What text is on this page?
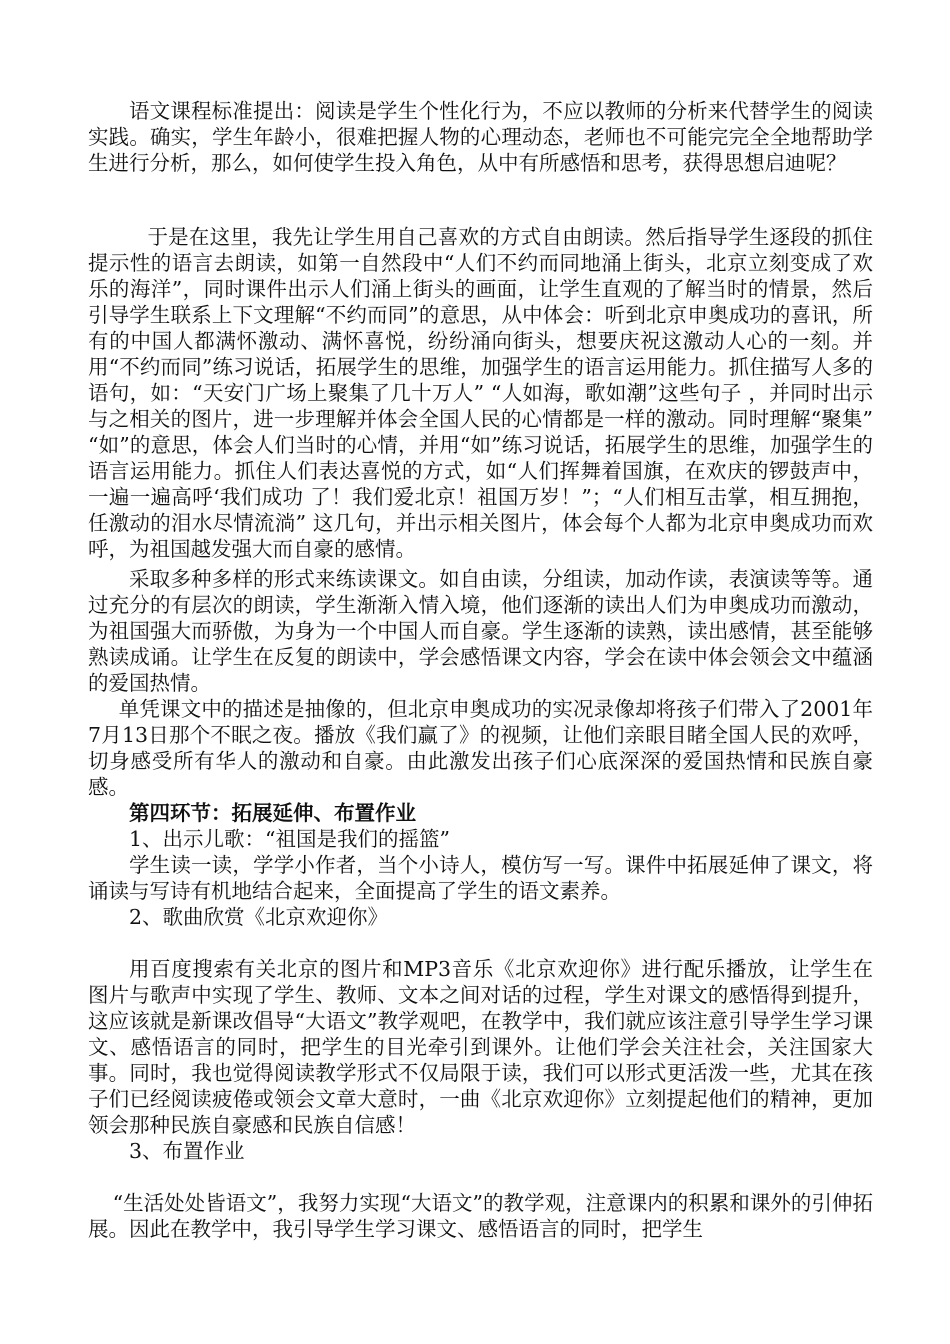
语文课程标准提出：阅读是学生个性化行为，不应以教师的分析来代替学生的阅读实践。确实，学生年龄小，很难把握人物的心理动态，老师也不可能完完全全地帮助学生进行分析，那么，如何使学生投入角色，从中有所感悟和思考，获得思想启迪呢？

于是在这里，我先让学生用自己喜欢的方式自由朗读。然后指导学生逐段的抓住提示性的语言去朗读，如第一自然段中“人们不约而同地涌上街头，北京立刻变成了欢乐的海洋”，同时课件出示人们涌上街头的画面，让学生直观的了解当时的情景，然后引导学生联系上下文理解“不约而同”的意思，从中体会：听到北京申奥成功的喜讯，所有的中国人都满怀激动、满怀喜悦，纷纷涌向街头，想要庆祝这激动人心的一刻。并用“不约而同”练习说话，拓展学生的思维，加强学生的语言运用能力。抓住描写人多的语句，如：“天安门广场上聚集了几十万人” “人如海，歌如潮”这些句子 ，并同时出示与之相关的图片，进一步理解并体会全国人民的心情都是一样的激动。同时理解“聚集” “如”的意思，体会人们当时的心情，并用“如”练习说话，拓展学生的思维，加强学生的语言运用能力。抓住人们表达喜悦的方式，如“人们挥舞着国旗，在欢庆的锣鼓声中，一遍一遍高呼‘我们成功 了！我们爱北京！祖国万岁！”；“人们相互击掌，相互拥抱，任激动的泪水尽情流淌” 这几句，并出示相关图片，体会每个人都为北京申奥成功而欢呼，为祖国越发强大而自豪的感情。

采取多种多样的形式来练读课文。如自由读，分组读，加动作读，表演读等等。通过充分的有层次的朗读，学生渐渐入情入境，他们逐渐的读出人们为申奥成功而激动，为祖国强大而骄傲，为身为一个中国人而自豪。学生逐渐的读熟，读出感情，甚至能够熟读成诵。让学生在反复的朗读中，学会感悟课文内容，学会在读中体会领会文中蕴涵的爱国热情。

单凭课文中的描述是抽像的，但北京申奥成功的实况录像却将孩子们带入了2001年7月13日那个不眠之夜。播放《我们赢了》的视频，让他们亲眼目睹全国人民的欢呼，切身感受所有华人的激动和自豪。由此激发出孩子们心底深深的爱国热情和民族自豪感。

第四环节：拓展延伸、布置作业

1、出示儿歌：“祖国是我们的摇篮”

学生读一读，学学小作者，当个小诗人，模仿写一写。课件中拓展延伸了课文，将诵读与写诗有机地结合起来，全面提高了学生的语文素养。

2、歌曲欣赏《北京欢迎你》

用百度搜索有关北京的图片和MP3音乐《北京欢迎你》进行配乐播放，让学生在图片与歌声中实现了学生、教师、文本之间对话的过程，学生对课文的感悟得到提升，这应该就是新课改倡导“大语文”教学观吧，在教学中，我们就应该注意引导学生学习课文、感悟语言的同时，把学生的目光牵引到课外。让他们学会关注社会，关注国家大事。同时，我也觉得阅读教学形式不仅局限于读，我们可以形式更活泼一些，尤其在孩子们已经阅读疲倦或领会文章大意时，一曲《北京欢迎你》立刻提起他们的精神，更加领会那种民族自豪感和民族自信感！

3、布置作业

“生活处处皆语文”，我努力实现“大语文”的教学观，注意课内的积累和课外的引伸拓展。因此在教学中，我引导学生学习课文、感悟语言的同时，把学生
